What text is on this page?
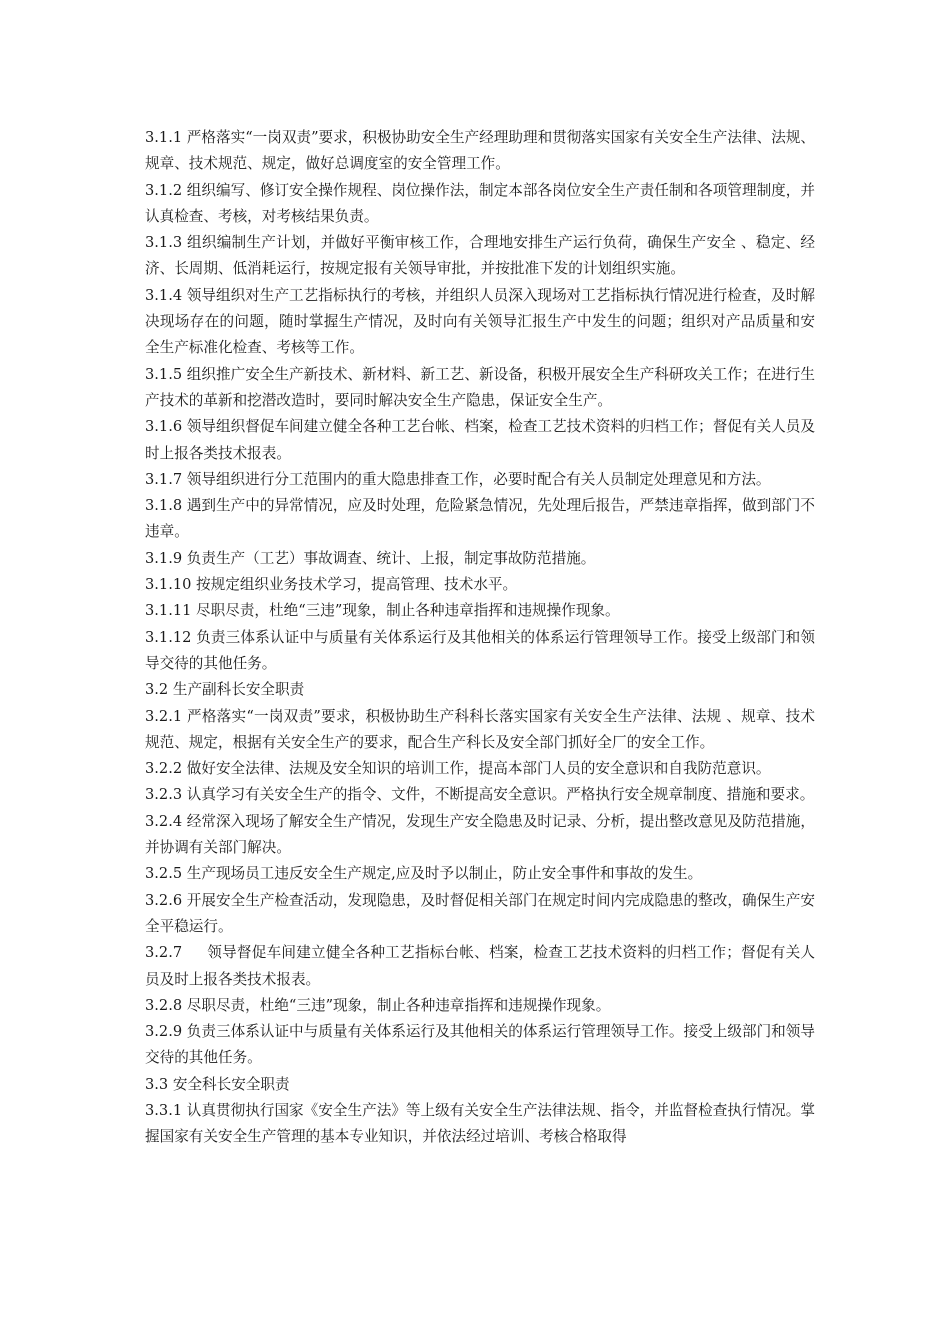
3.1.1 严格落实“一岗双责”要求，积极协助安全生产经理助理和贯彻落实国家有关安全生产法律、法规、规章、技术规范、规定，做好总调度室的安全管理工作。

3.1.2 组织编写、修订安全操作规程、岗位操作法，制定本部各岗位安全生产责任制和各项管理制度，并认真检查、考核，对考核结果负责。

3.1.3 组织编制生产计划，并做好平衡审核工作，合理地安排生产运行负荷，确保生产安全 、稳定、经济、长周期、低消耗运行，按规定报有关领导审批，并按批准下发的计划组织实施。

3.1.4 领导组织对生产工艺指标执行的考核，并组织人员深入现场对工艺指标执行情况进行检查，及时解决现场存在的问题，随时掌握生产情况，及时向有关领导汇报生产中发生的问题；组织对产品质量和安全生产标准化检查、考核等工作。

3.1.5 组织推广安全生产新技术、新材料、新工艺、新设备，积极开展安全生产科研攻关工作；在进行生产技术的革新和挖潜改造时，要同时解决安全生产隐患，保证安全生产。

3.1.6 领导组织督促车间建立健全各种工艺台帐、档案，检查工艺技术资料的归档工作；督促有关人员及时上报各类技术报表。

3.1.7 领导组织进行分工范围内的重大隐患排查工作，必要时配合有关人员制定处理意见和方法。

3.1.8 遇到生产中的异常情况，应及时处理，危险紧急情况，先处理后报告，严禁违章指挥，做到部门不违章。

3.1.9 负责生产（工艺）事故调查、统计、上报，制定事故防范措施。

3.1.10 按规定组织业务技术学习，提高管理、技术水平。

3.1.11 尽职尽责，杜绝“三违”现象，制止各种违章指挥和违规操作现象。

3.1.12 负责三体系认证中与质量有关体系运行及其他相关的体系运行管理领导工作。接受上级部门和领导交待的其他任务。

3.2 生产副科长安全职责

3.2.1 严格落实“一岗双责”要求，积极协助生产科科长落实国家有关安全生产法律、法规 、规章、技术规范、规定，根据有关安全生产的要求，配合生产科长及安全部门抓好全厂的安全工作。

3.2.2 做好安全法律、法规及安全知识的培训工作，提高本部门人员的安全意识和自我防范意识。

3.2.3 认真学习有关安全生产的指令、文件，不断提高安全意识。严格执行安全规章制度、措施和要求。

3.2.4 经常深入现场了解安全生产情况，发现生产安全隐患及时记录、分析，提出整改意见及防范措施，并协调有关部门解决。

3.2.5 生产现场员工违反安全生产规定,应及时予以制止，防止安全事件和事故的发生。

3.2.6 开展安全生产检查活动，发现隐患，及时督促相关部门在规定时间内完成隐患的整改，确保生产安全平稳运行。

3.2.7 领导督促车间建立健全各种工艺指标台帐、档案，检查工艺技术资料的归档工作；督促有关人员及时上报各类技术报表。

3.2.8 尽职尽责，杜绝“三违”现象，制止各种违章指挥和违规操作现象。

3.2.9 负责三体系认证中与质量有关体系运行及其他相关的体系运行管理领导工作。接受上级部门和领导交待的其他任务。

3.3 安全科长安全职责

3.3.1 认真贯彻执行国家《安全生产法》等上级有关安全生产法律法规、指令，并监督检查执行情况。掌握国家有关安全生产管理的基本专业知识，并依法经过培训、考核合格取得
